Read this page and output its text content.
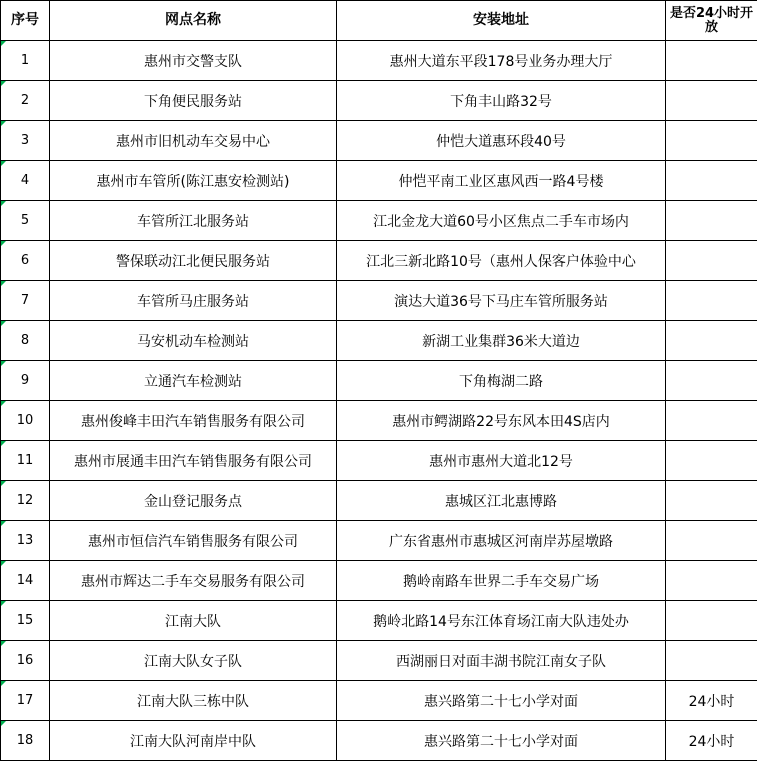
序号	网点名称	安装地址	是否24小时开放

1	惠州市交警支队	惠州大道东平段178号业务办理大厅	

2	下角便民服务站	下角丰山路32号	

3	惠州市旧机动车交易中心	仲恺大道惠环段40号	

4	惠州市车管所(陈江惠安检测站)	仲恺平南工业区惠风西一路4号楼	

5	车管所江北服务站	江北金龙大道60号小区焦点二手车市场内	

6	警保联动江北便民服务站	江北三新北路10号（惠州人保客户体验中心	

7	车管所马庄服务站	演达大道36号下马庄车管所服务站	

8	马安机动车检测站	新湖工业集群36米大道边	

9	立通汽车检测站	下角梅湖二路	

10	惠州俊峰丰田汽车销售服务有限公司	惠州市鳄湖路22号东风本田4S店内	

11	惠州市展通丰田汽车销售服务有限公司	惠州市惠州大道北12号	

12	金山登记服务点	惠城区江北惠博路	

13	惠州市恒信汽车销售服务有限公司	广东省惠州市惠城区河南岸苏屋墩路	

14	惠州市辉达二手车交易服务有限公司	鹅岭南路车世界二手车交易广场	

15	江南大队	鹅岭北路14号东江体育场江南大队违处办	

16	江南大队女子队	西湖丽日对面丰湖书院江南女子队	

17	江南大队三栋中队	惠兴路第二十七小学对面	24小时

18	江南大队河南岸中队	惠兴路第二十七小学对面	24小时
